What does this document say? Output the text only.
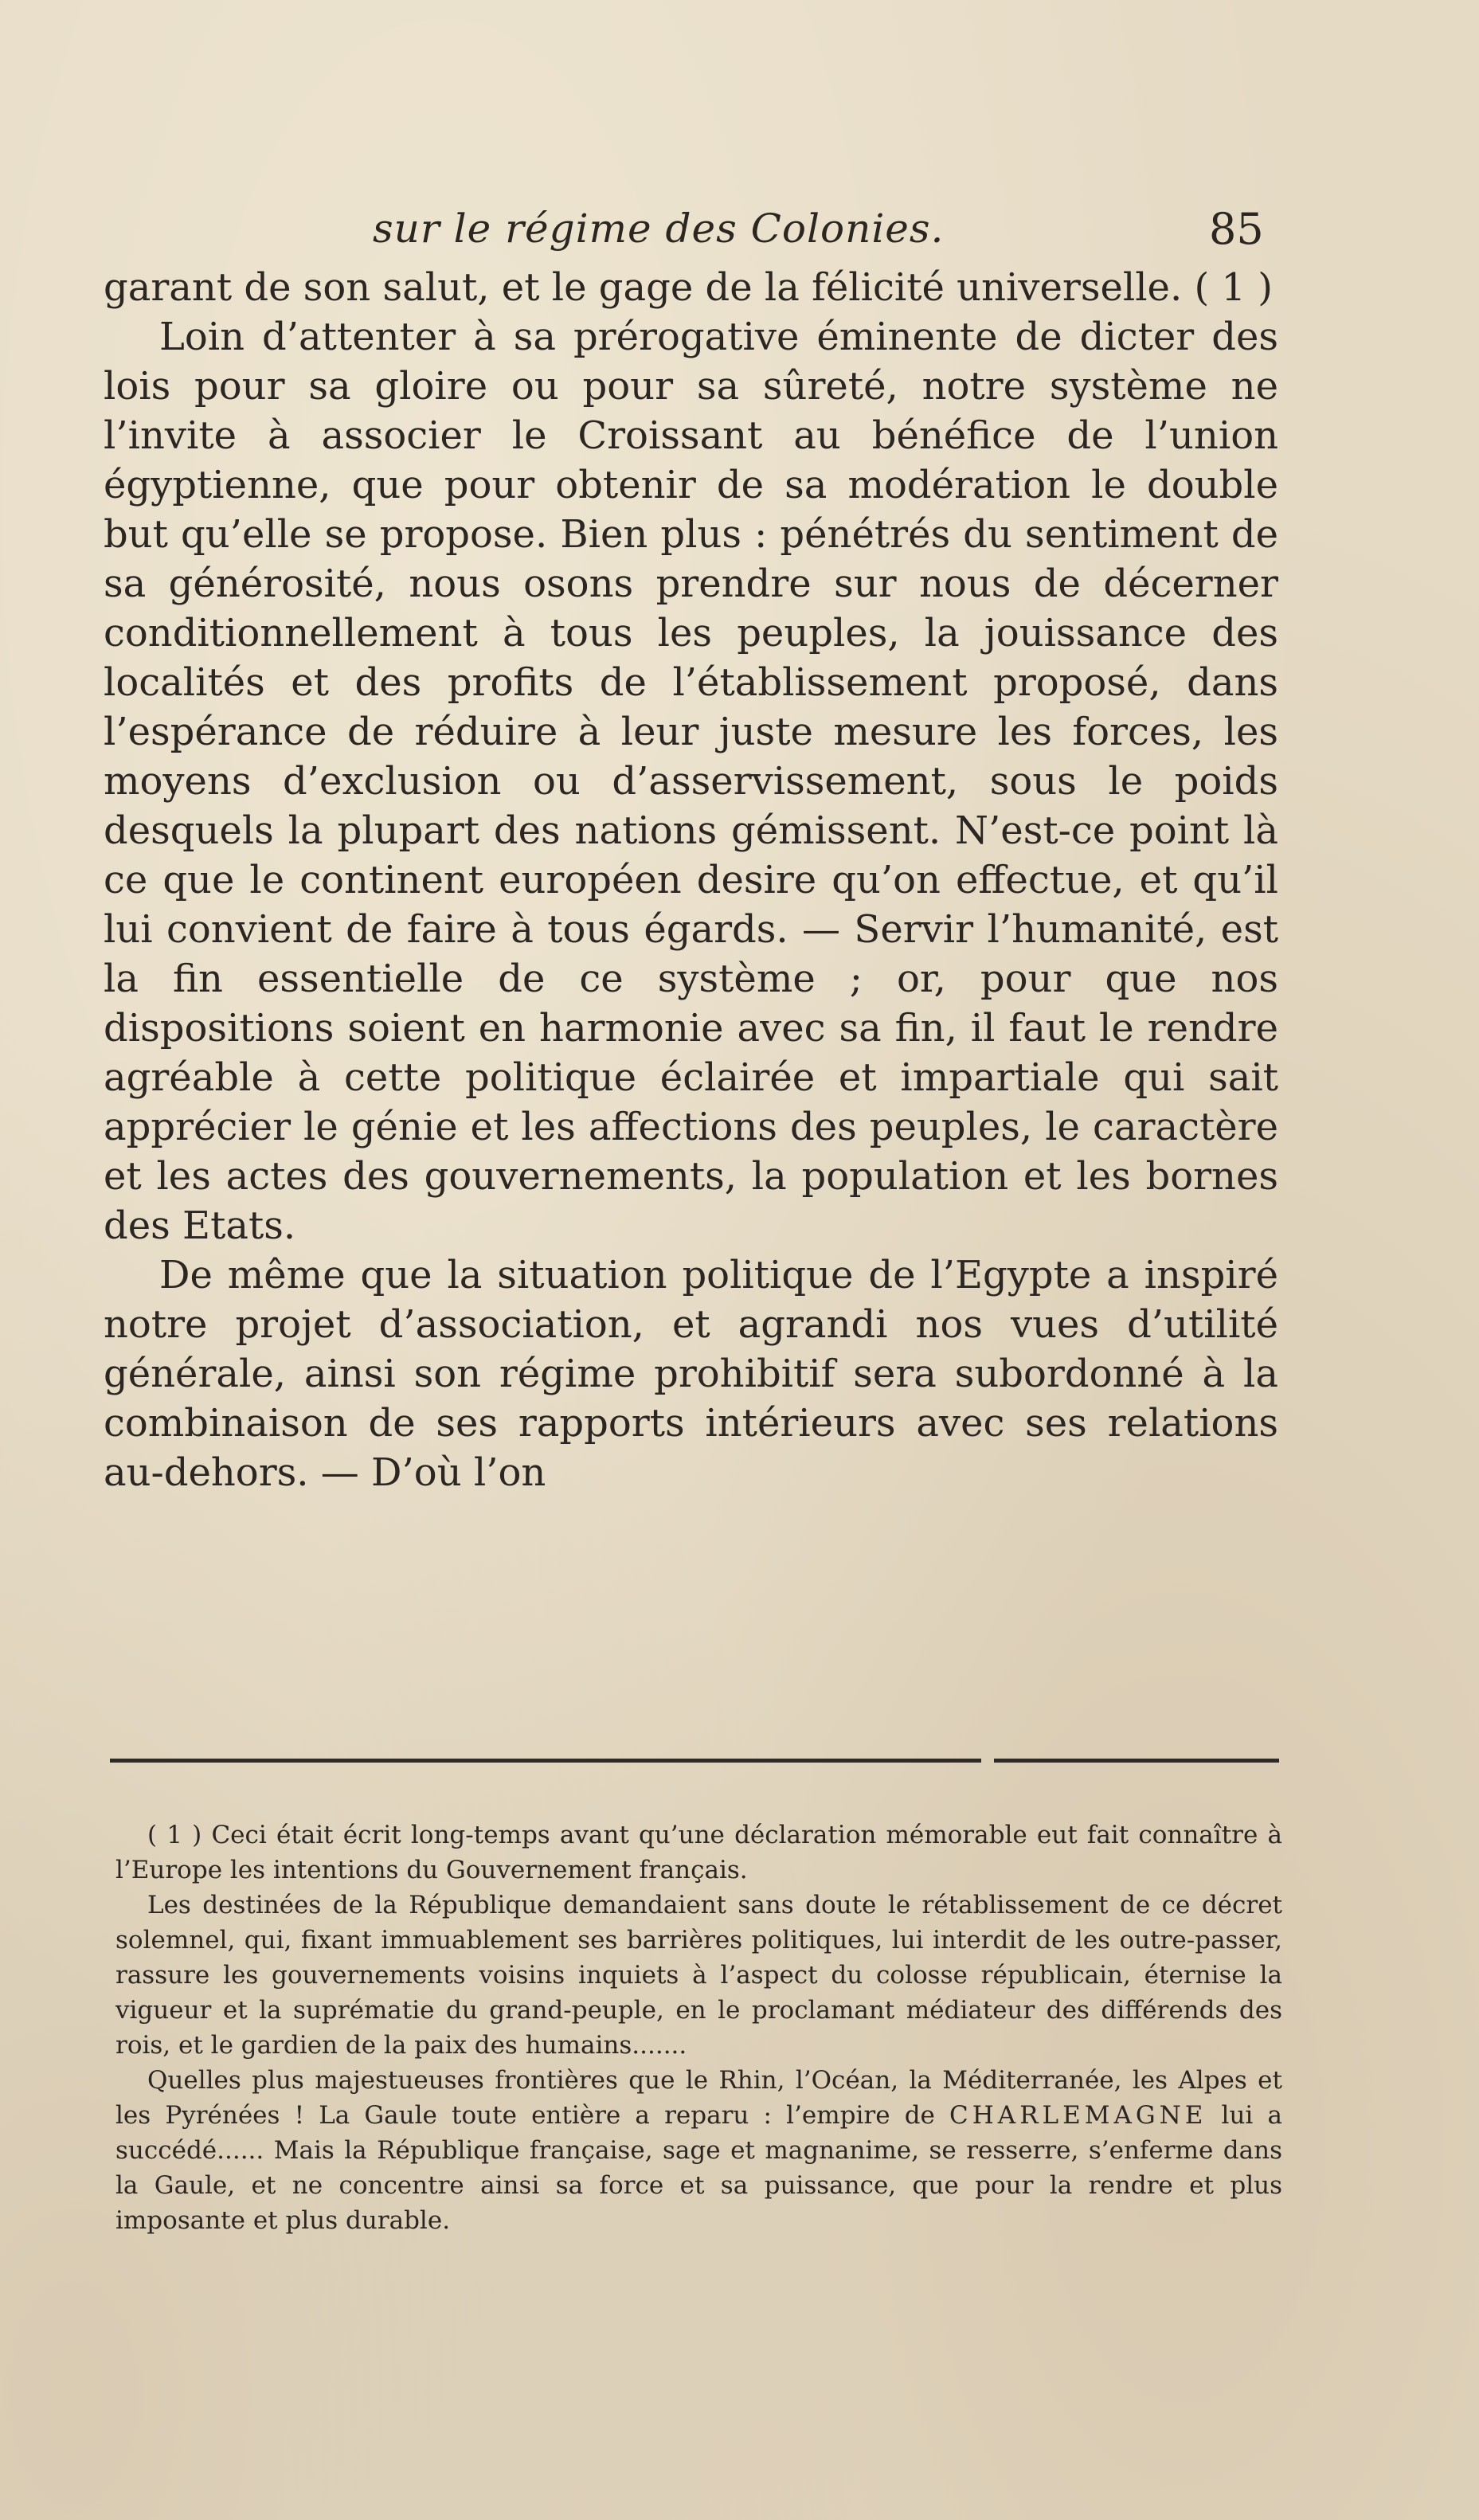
sur le régime des Colonies.	85

garant de son salut, et le gage de la félicité universelle. ( 1 )

Loin d’attenter à sa prérogative éminente de dicter des lois pour sa gloire ou pour sa sûreté, notre système ne l’invite à associer le Croissant au bénéfice de l’union égyptienne, que pour obtenir de sa modération le double but qu’elle se propose. Bien plus : pénétrés du sentiment de sa générosité, nous osons prendre sur nous de décerner conditionnellement à tous les peuples, la jouissance des localités et des profits de l’établissement proposé, dans l’espérance de réduire à leur juste mesure les forces, les moyens d’exclusion ou d’asservissement, sous le poids desquels la plupart des nations gémissent. N’est-ce point là ce que le continent européen desire qu’on effectue, et qu’il lui convient de faire à tous égards. — Servir l’humanité, est la fin essentielle de ce système ; or, pour que nos dispositions soient en harmonie avec sa fin, il faut le rendre agréable à cette politique éclairée et impartiale qui sait apprécier le génie et les affections des peuples, le caractère et les actes des gouvernements, la population et les bornes des Etats.

De même que la situation politique de l’Egypte a inspiré notre projet d’association, et agrandi nos vues d’utilité générale, ainsi son régime prohibitif sera subordonné à la combinaison de ses rapports intérieurs avec ses relations au-dehors. — D’où l’on

( 1 ) Ceci était écrit long-temps avant qu’une déclaration mémorable eut fait connaître à l’Europe les intentions du Gouvernement français.

Les destinées de la République demandaient sans doute le rétablissement de ce décret solemnel, qui, fixant immuablement ses barrières politiques, lui interdit de les outre-passer, rassure les gouvernements voisins inquiets à l’aspect du colosse républicain, éternise la vigueur et la suprématie du grand-peuple, en le proclamant médiateur des différends des rois, et le gardien de la paix des humains.......

Quelles plus majestueuses frontières que le Rhin, l’Océan, la Méditerranée, les Alpes et les Pyrénées ! La Gaule toute entière a reparu : l’empire de CHARLEMAGNE lui a succédé...... Mais la République française, sage et magnanime, se resserre, s’enferme dans la Gaule, et ne concentre ainsi sa force et sa puissance, que pour la rendre et plus imposante et plus durable.
